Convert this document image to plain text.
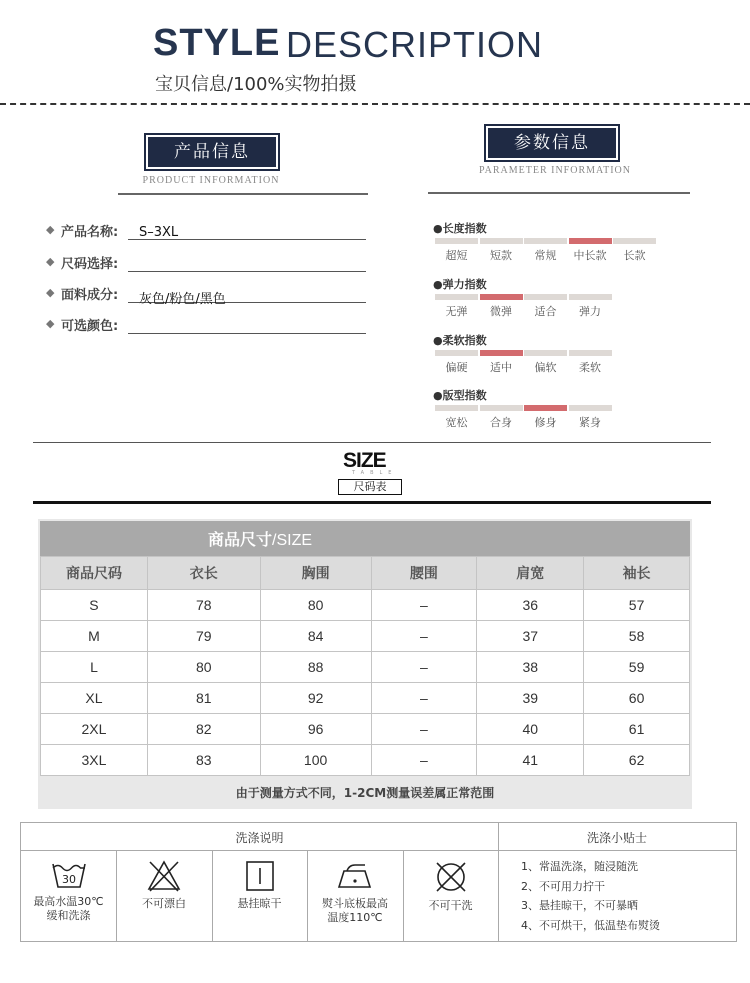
STYLE DESCRIPTION
宝贝信息/100%实物拍摄
产品信息
PRODUCT INFORMATION
◆ 产品名称: S–3XL
◆ 尺码选择:
◆ 面料成分: 灰色/粉色/黑色
◆ 可选颜色:
参数信息
PARAMETER INFORMATION
●长度指数
超短	短款	常规	中长款	长款
●弹力指数
无弹	微弹	适合	弹力
●柔软指数
偏硬	适中	偏软	柔软
●版型指数
宽松	合身	修身	紧身
SIZE
TABLE
尺码表
商品尺寸/SIZE
商品尺码	衣长	胸围	腰围	肩宽	袖长
S	78	80	–	36	57
M	79	84	–	37	58
L	80	88	–	38	59
XL	81	92	–	39	60
2XL	82	96	–	40	61
3XL	83	100	–	41	62
由于测量方式不同，1-2CM测量误差属正常范围
洗涤说明	洗涤小贴士
30
最高水温30℃
缓和洗涤
不可漂白	悬挂晾干	熨斗底板最高
温度110℃
不可干洗
1、常温洗涤，随浸随洗
2、不可用力拧干
3、悬挂晾干，不可暴晒
4、不可烘干，低温垫布熨烫
